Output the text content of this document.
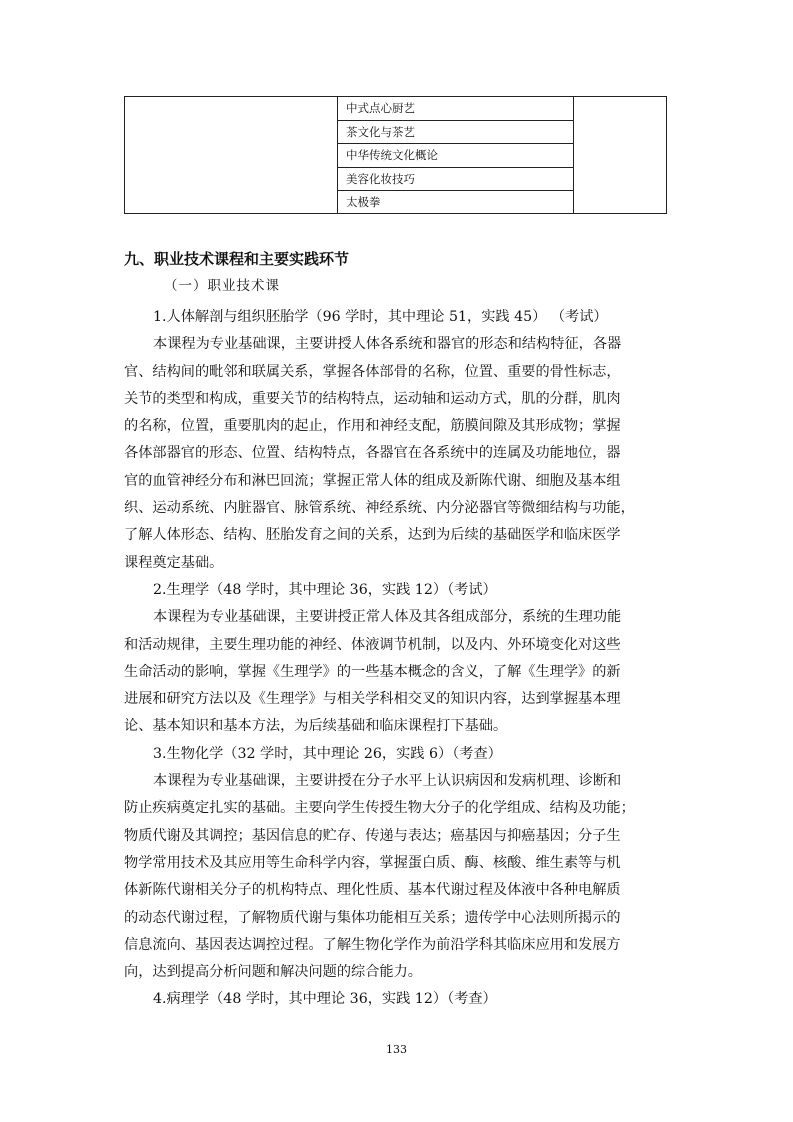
中式点心厨艺
茶文化与茶艺
中华传统文化概论
美容化妆技巧
太极拳
九、职业技术课程和主要实践环节
（一）职业技术课
1.人体解剖与组织胚胎学（96 学时，其中理论 51，实践 45） （考试）
本课程为专业基础课，主要讲授人体各系统和器官的形态和结构特征，各器
官、结构间的毗邻和联属关系，掌握各体部骨的名称，位置、重要的骨性标志，
关节的类型和构成，重要关节的结构特点，运动轴和运动方式，肌的分群，肌肉
的名称，位置，重要肌肉的起止，作用和神经支配，筋膜间隙及其形成物；掌握
各体部器官的形态、位置、结构特点，各器官在各系统中的连属及功能地位，器
官的血管神经分布和淋巴回流；掌握正常人体的组成及新陈代谢、细胞及基本组
织、运动系统、内脏器官、脉管系统、神经系统、内分泌器官等微细结构与功能，
了解人体形态、结构、胚胎发育之间的关系，达到为后续的基础医学和临床医学
课程奠定基础。
2.生理学（48 学时，其中理论 36，实践 12）（考试）
本课程为专业基础课，主要讲授正常人体及其各组成部分，系统的生理功能
和活动规律，主要生理功能的神经、体液调节机制，以及内、外环境变化对这些
生命活动的影响，掌握《生理学》的一些基本概念的含义，了解《生理学》的新
进展和研究方法以及《生理学》与相关学科相交叉的知识内容，达到掌握基本理
论、基本知识和基本方法，为后续基础和临床课程打下基础。
3.生物化学（32 学时，其中理论 26，实践 6）（考查）
本课程为专业基础课，主要讲授在分子水平上认识病因和发病机理、诊断和
防止疾病奠定扎实的基础。主要向学生传授生物大分子的化学组成、结构及功能；
物质代谢及其调控；基因信息的贮存、传递与表达；癌基因与抑癌基因；分子生
物学常用技术及其应用等生命科学内容，掌握蛋白质、酶、核酸、维生素等与机
体新陈代谢相关分子的机构特点、理化性质、基本代谢过程及体液中各种电解质
的动态代谢过程，了解物质代谢与集体功能相互关系；遗传学中心法则所揭示的
信息流向、基因表达调控过程。了解生物化学作为前沿学科其临床应用和发展方
向，达到提高分析问题和解决问题的综合能力。
4.病理学（48 学时，其中理论 36，实践 12）（考查）
133
